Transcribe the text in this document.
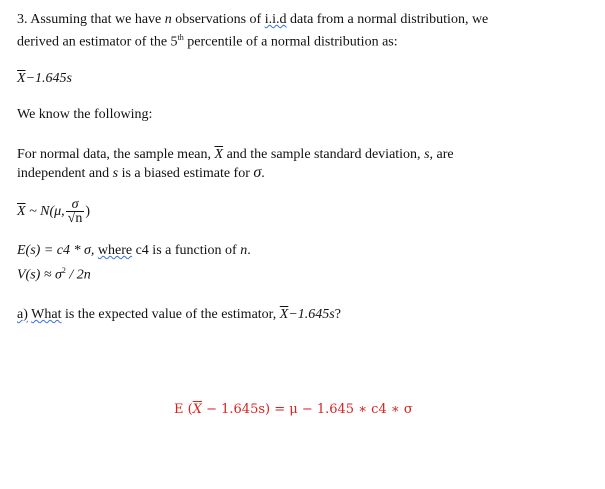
3. Assuming that we have n observations of i.i.d data from a normal distribution, we
derived an estimator of the 5th percentile of a normal distribution as:
$\overline{X}-1.645s$
We know the following:
For normal data, the sample mean, $\overline{X}$ and the sample standard deviation, s, are
independent and s is a biased estimate for σ.
$\overline{X}$ ~ N(μ, $\frac{\sigma}{√n}$ )
E(s) = c4 * σ, where c4 is a function of n.
$V(s) \approx \sigma^2 / 2n$
a) What is the expected value of the estimator, $\overline{X}-1.645s$?
E $(\overline{X} - 1.645s) = \mu - 1.645$ ∗ c4 ∗ σ
